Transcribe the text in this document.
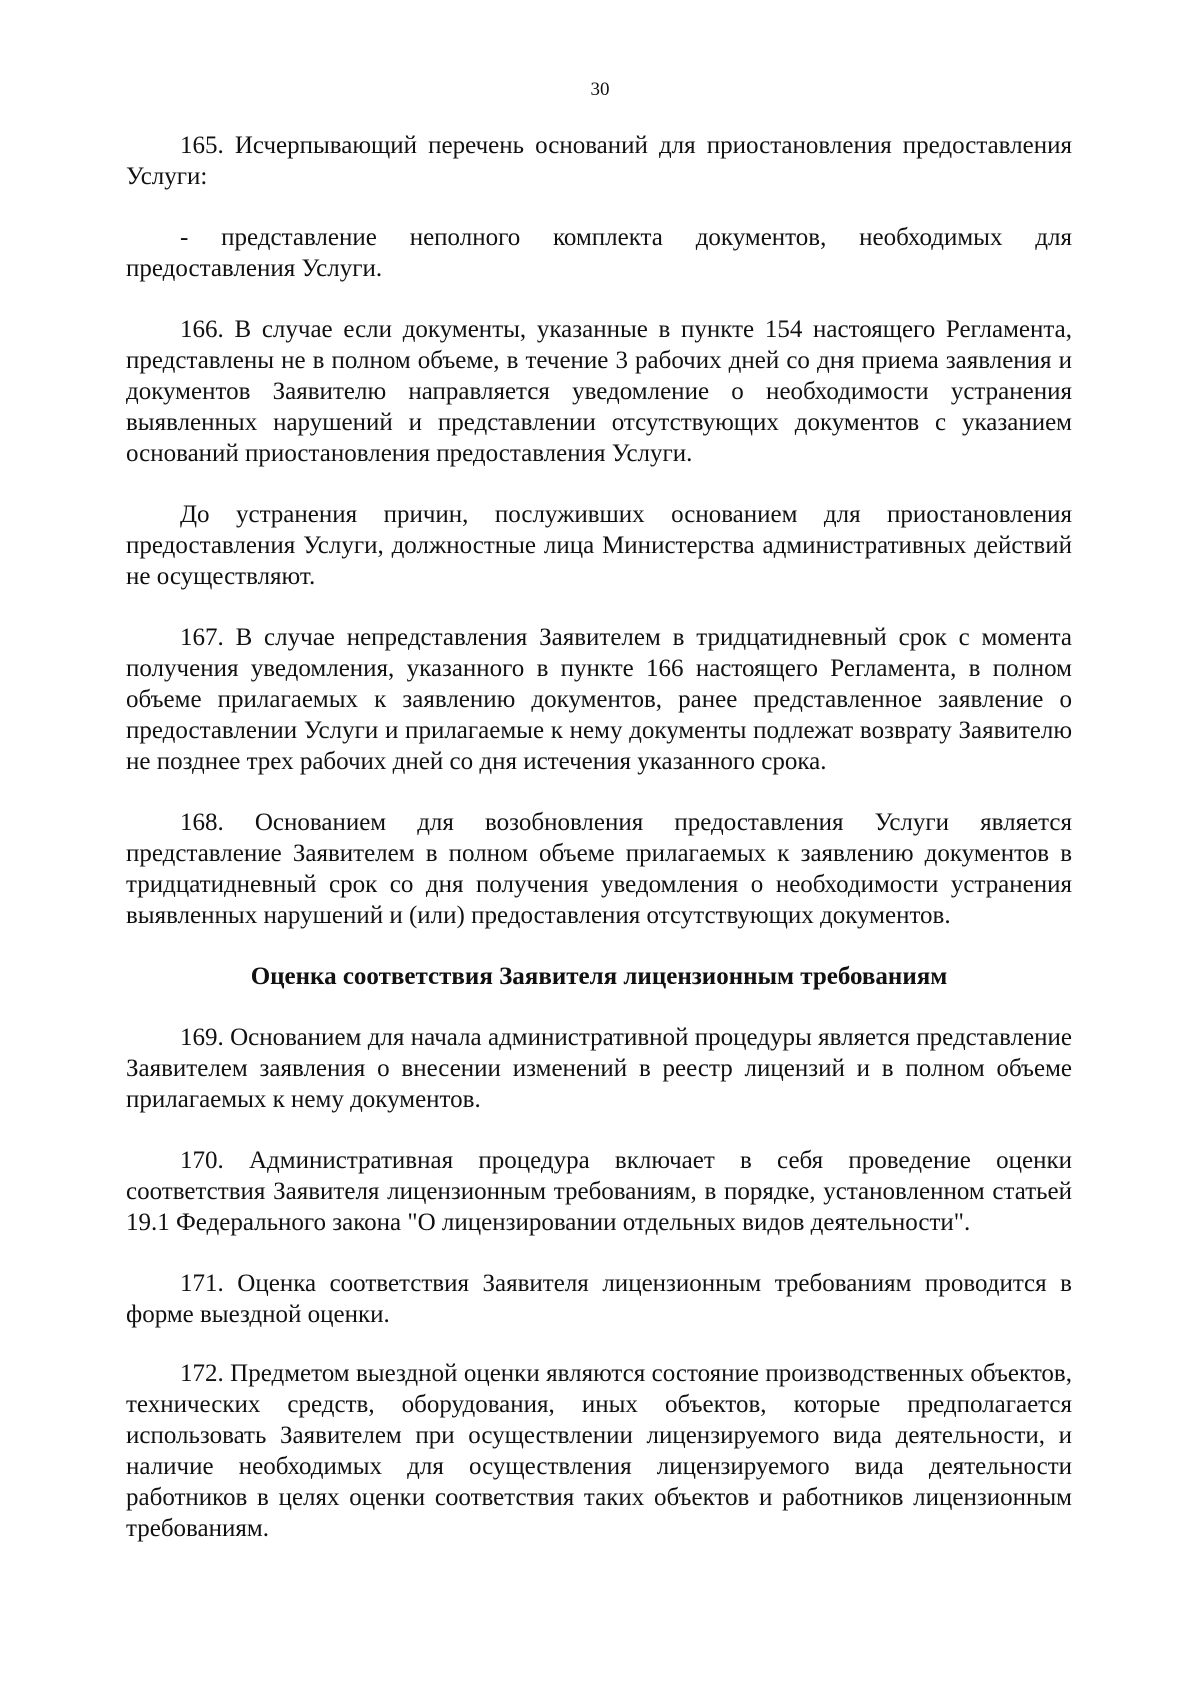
30

165. Исчерпывающий перечень оснований для приостановления предоставления Услуги:

- представление неполного комплекта документов, необходимых для предоставления Услуги.

166. В случае если документы, указанные в пункте 154 настоящего Регламента, представлены не в полном объеме, в течение 3 рабочих дней со дня приема заявления и документов Заявителю направляется уведомление о необходимости устранения выявленных нарушений и представлении отсутствующих документов с указанием оснований приостановления предоставления Услуги.

До устранения причин, послуживших основанием для приостановления предоставления Услуги, должностные лица Министерства административных действий не осуществляют.

167. В случае непредставления Заявителем в тридцатидневный срок с момента получения уведомления, указанного в пункте 166 настоящего Регламента, в полном объеме прилагаемых к заявлению документов, ранее представленное заявление о предоставлении Услуги и прилагаемые к нему документы подлежат возврату Заявителю не позднее трех рабочих дней со дня истечения указанного срока.

168. Основанием для возобновления предоставления Услуги является представление Заявителем в полном объеме прилагаемых к заявлению документов в тридцатидневный срок со дня получения уведомления о необходимости устранения выявленных нарушений и (или) предоставления отсутствующих документов.

Оценка соответствия Заявителя лицензионным требованиям

169. Основанием для начала административной процедуры является представление Заявителем заявления о внесении изменений в реестр лицензий и в полном объеме прилагаемых к нему документов.

170. Административная процедура включает в себя проведение оценки соответствия Заявителя лицензионным требованиям, в порядке, установленном статьей 19.1 Федерального закона "О лицензировании отдельных видов деятельности".

171. Оценка соответствия Заявителя лицензионным требованиям проводится в форме выездной оценки.

172. Предметом выездной оценки являются состояние производственных объектов, технических средств, оборудования, иных объектов, которые предполагается использовать Заявителем при осуществлении лицензируемого вида деятельности, и наличие необходимых для осуществления лицензируемого вида деятельности работников в целях оценки соответствия таких объектов и работников лицензионным требованиям.
